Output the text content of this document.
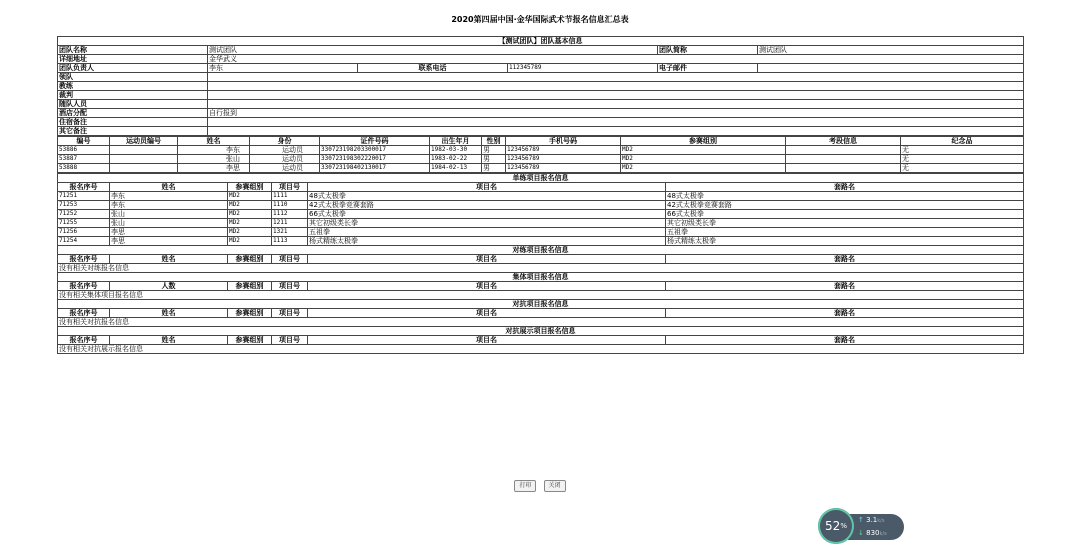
2020第四届中国·金华国际武术节报名信息汇总表
【测试团队】团队基本信息					
团队名称	测试团队			团队简称	测试团队
详细地址	金华武义				
团队负责人	李东	联系电话	112345789	电子邮件	
领队					
教练					
裁判					
随队人员					
酒店分配	自行报到				
住宿备注					
其它备注					
编号	运动员编号	姓名	身份	证件号码	出生年月	性别	手机号码	参赛组别	考段信息	纪念品
53886		李东	运动员	330723198203300017	1982-03-30	男	123456789	MD2		无
53887		张山	运动员	330723198302220017	1983-02-22	男	123456789	MD2		无
53888		李思	运动员	330723198402130017	1984-02-13	男	123456789	MD2		无
单练项目报名信息					
报名序号	姓名	参赛组别	项目号	项目名	套路名
71251	李东	MD2	1111	48式太极拳	48式太极拳
71253	李东	MD2	1110	42式太极拳竞赛套路	42式太极拳竞赛套路
71252	张山	MD2	1112	66式太极拳	66式太极拳
71255	张山	MD2	1211	其它初级类长拳	其它初级类长拳
71256	李思	MD2	1321	五祖拳	五祖拳
71254	李思	MD2	1113	杨式精练太极拳	杨式精练太极拳
对练项目报名信息					
报名序号	姓名	参赛组别	项目号	项目名	套路名
没有相关对练报名信息					
集体项目报名信息					
报名序号	人数	参赛组别	项目号	项目名	套路名
没有相关集体项目报名信息					
对抗项目报名信息					
报名序号	姓名	参赛组别	项目号	项目名	套路名
没有相关对抗报名信息					
对抗展示项目报名信息					
报名序号	姓名	参赛组别	项目号	项目名	套路名
没有相关对抗展示报名信息					
打印	关闭
↑ 3.1k/s
↓ 830k/s
52 %
